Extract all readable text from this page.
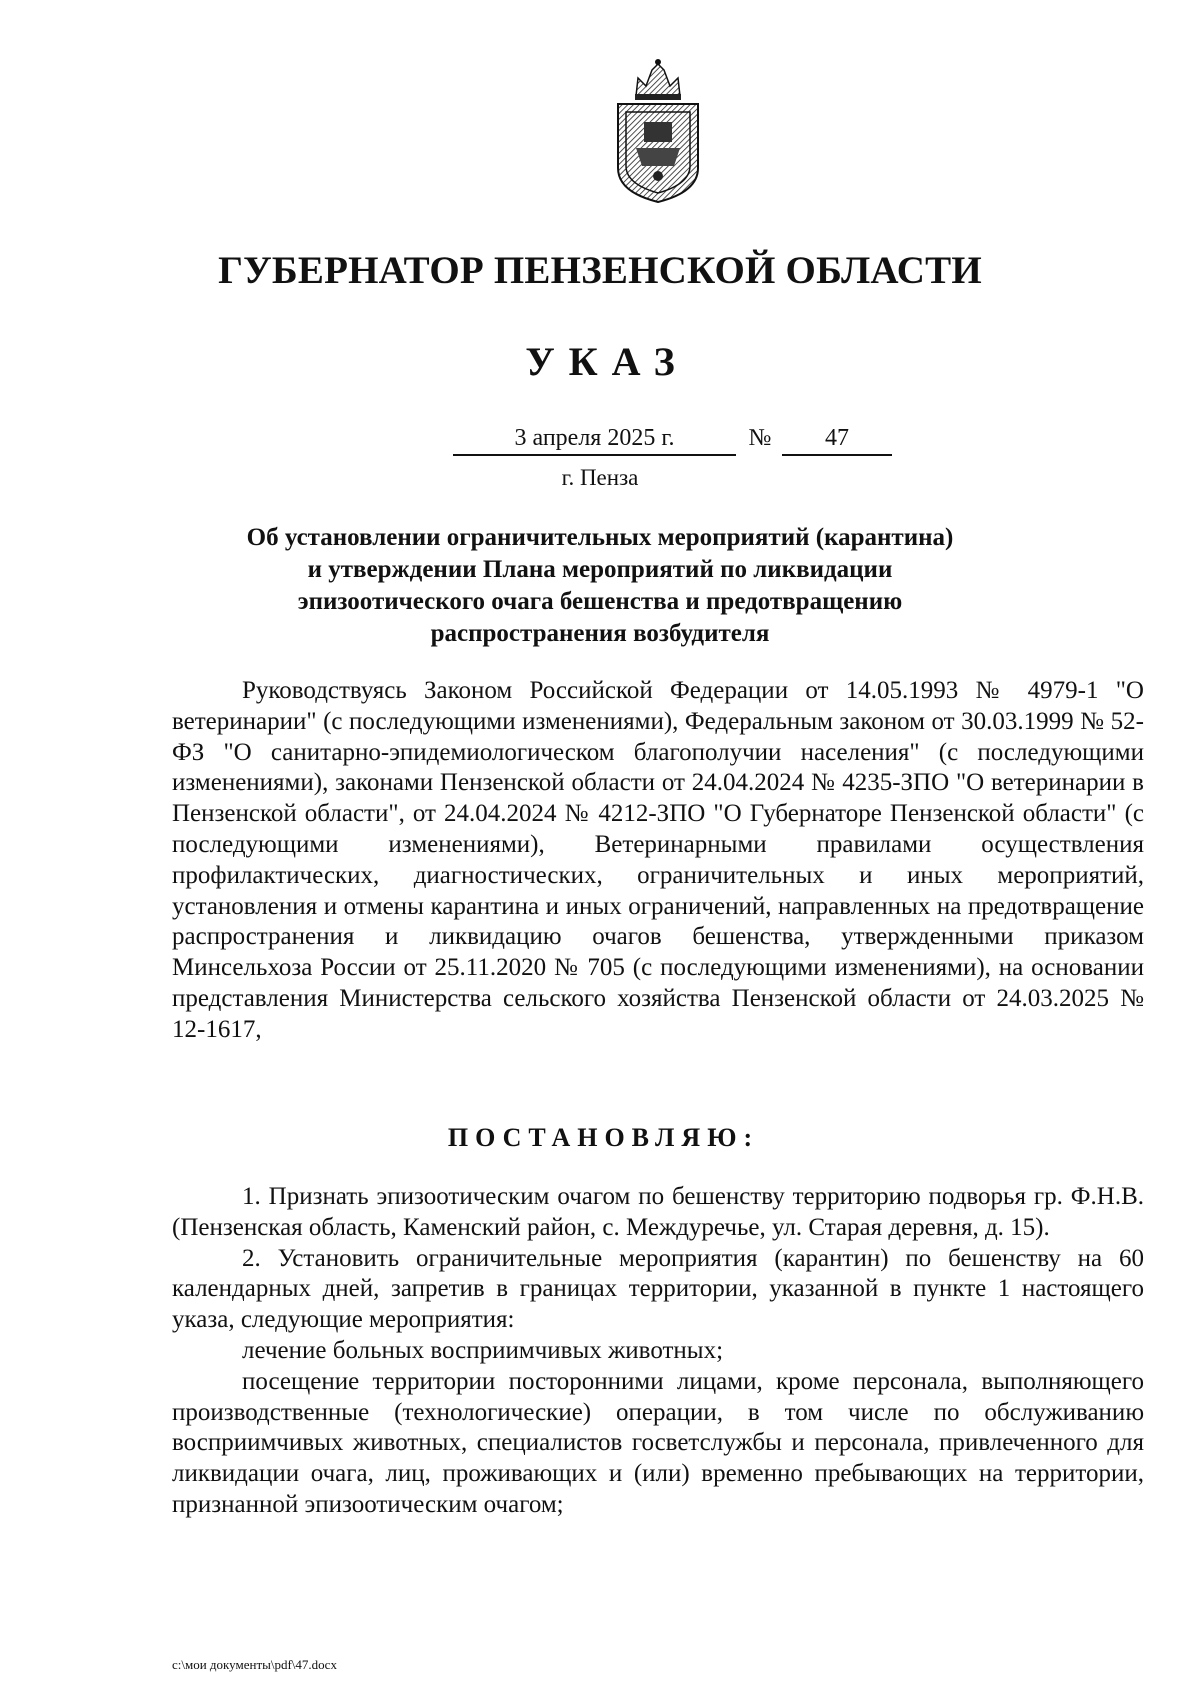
ГУБЕРНАТОР ПЕНЗЕНСКОЙ ОБЛАСТИ
УКАЗ
3 апреля 2025 г.	№	47
г. Пенза
Об установлении ограничительных мероприятий (карантина)
и утверждении Плана мероприятий по ликвидации
эпизоотического очага бешенства и предотвращению
распространения возбудителя

Руководствуясь Законом Российской Федерации от 14.05.1993 № 4979-1 "О ветеринарии" (с последующими изменениями), Федеральным законом от 30.03.1999 № 52-ФЗ "О санитарно-эпидемиологическом благополучии населения" (с последующими изменениями), законами Пензенской области от 24.04.2024 № 4235-ЗПО "О ветеринарии в Пензенской области", от 24.04.2024 № 4212-ЗПО "О Губернаторе Пензенской области" (с последующими изменениями), Ветеринарными правилами осуществления профилактических, диагностических, ограничительных и иных мероприятий, установления и отмены карантина и иных ограничений, направленных на предотвращение распространения и ликвидацию очагов бешенства, утвержденными приказом Минсельхоза России от 25.11.2020 № 705 (с последующими изменениями), на основании представления Министерства сельского хозяйства Пензенской области от 24.03.2025 № 12-1617,

ПОСТАНОВЛЯЮ:

1. Признать эпизоотическим очагом по бешенству территорию подворья гр. Ф.Н.В. (Пензенская область, Каменский район, с. Междуречье, ул. Старая деревня, д. 15).

2. Установить ограничительные мероприятия (карантин) по бешенству на 60 календарных дней, запретив в границах территории, указанной в пункте 1 настоящего указа, следующие мероприятия:

лечение больных восприимчивых животных;

посещение территории посторонними лицами, кроме персонала, выполняющего производственные (технологические) операции, в том числе по обслуживанию восприимчивых животных, специалистов госветслужбы и персонала, привлеченного для ликвидации очага, лиц, проживающих и (или) временно пребывающих на территории, признанной эпизоотическим очагом;

c:\мои документы\pdf\47.docx
